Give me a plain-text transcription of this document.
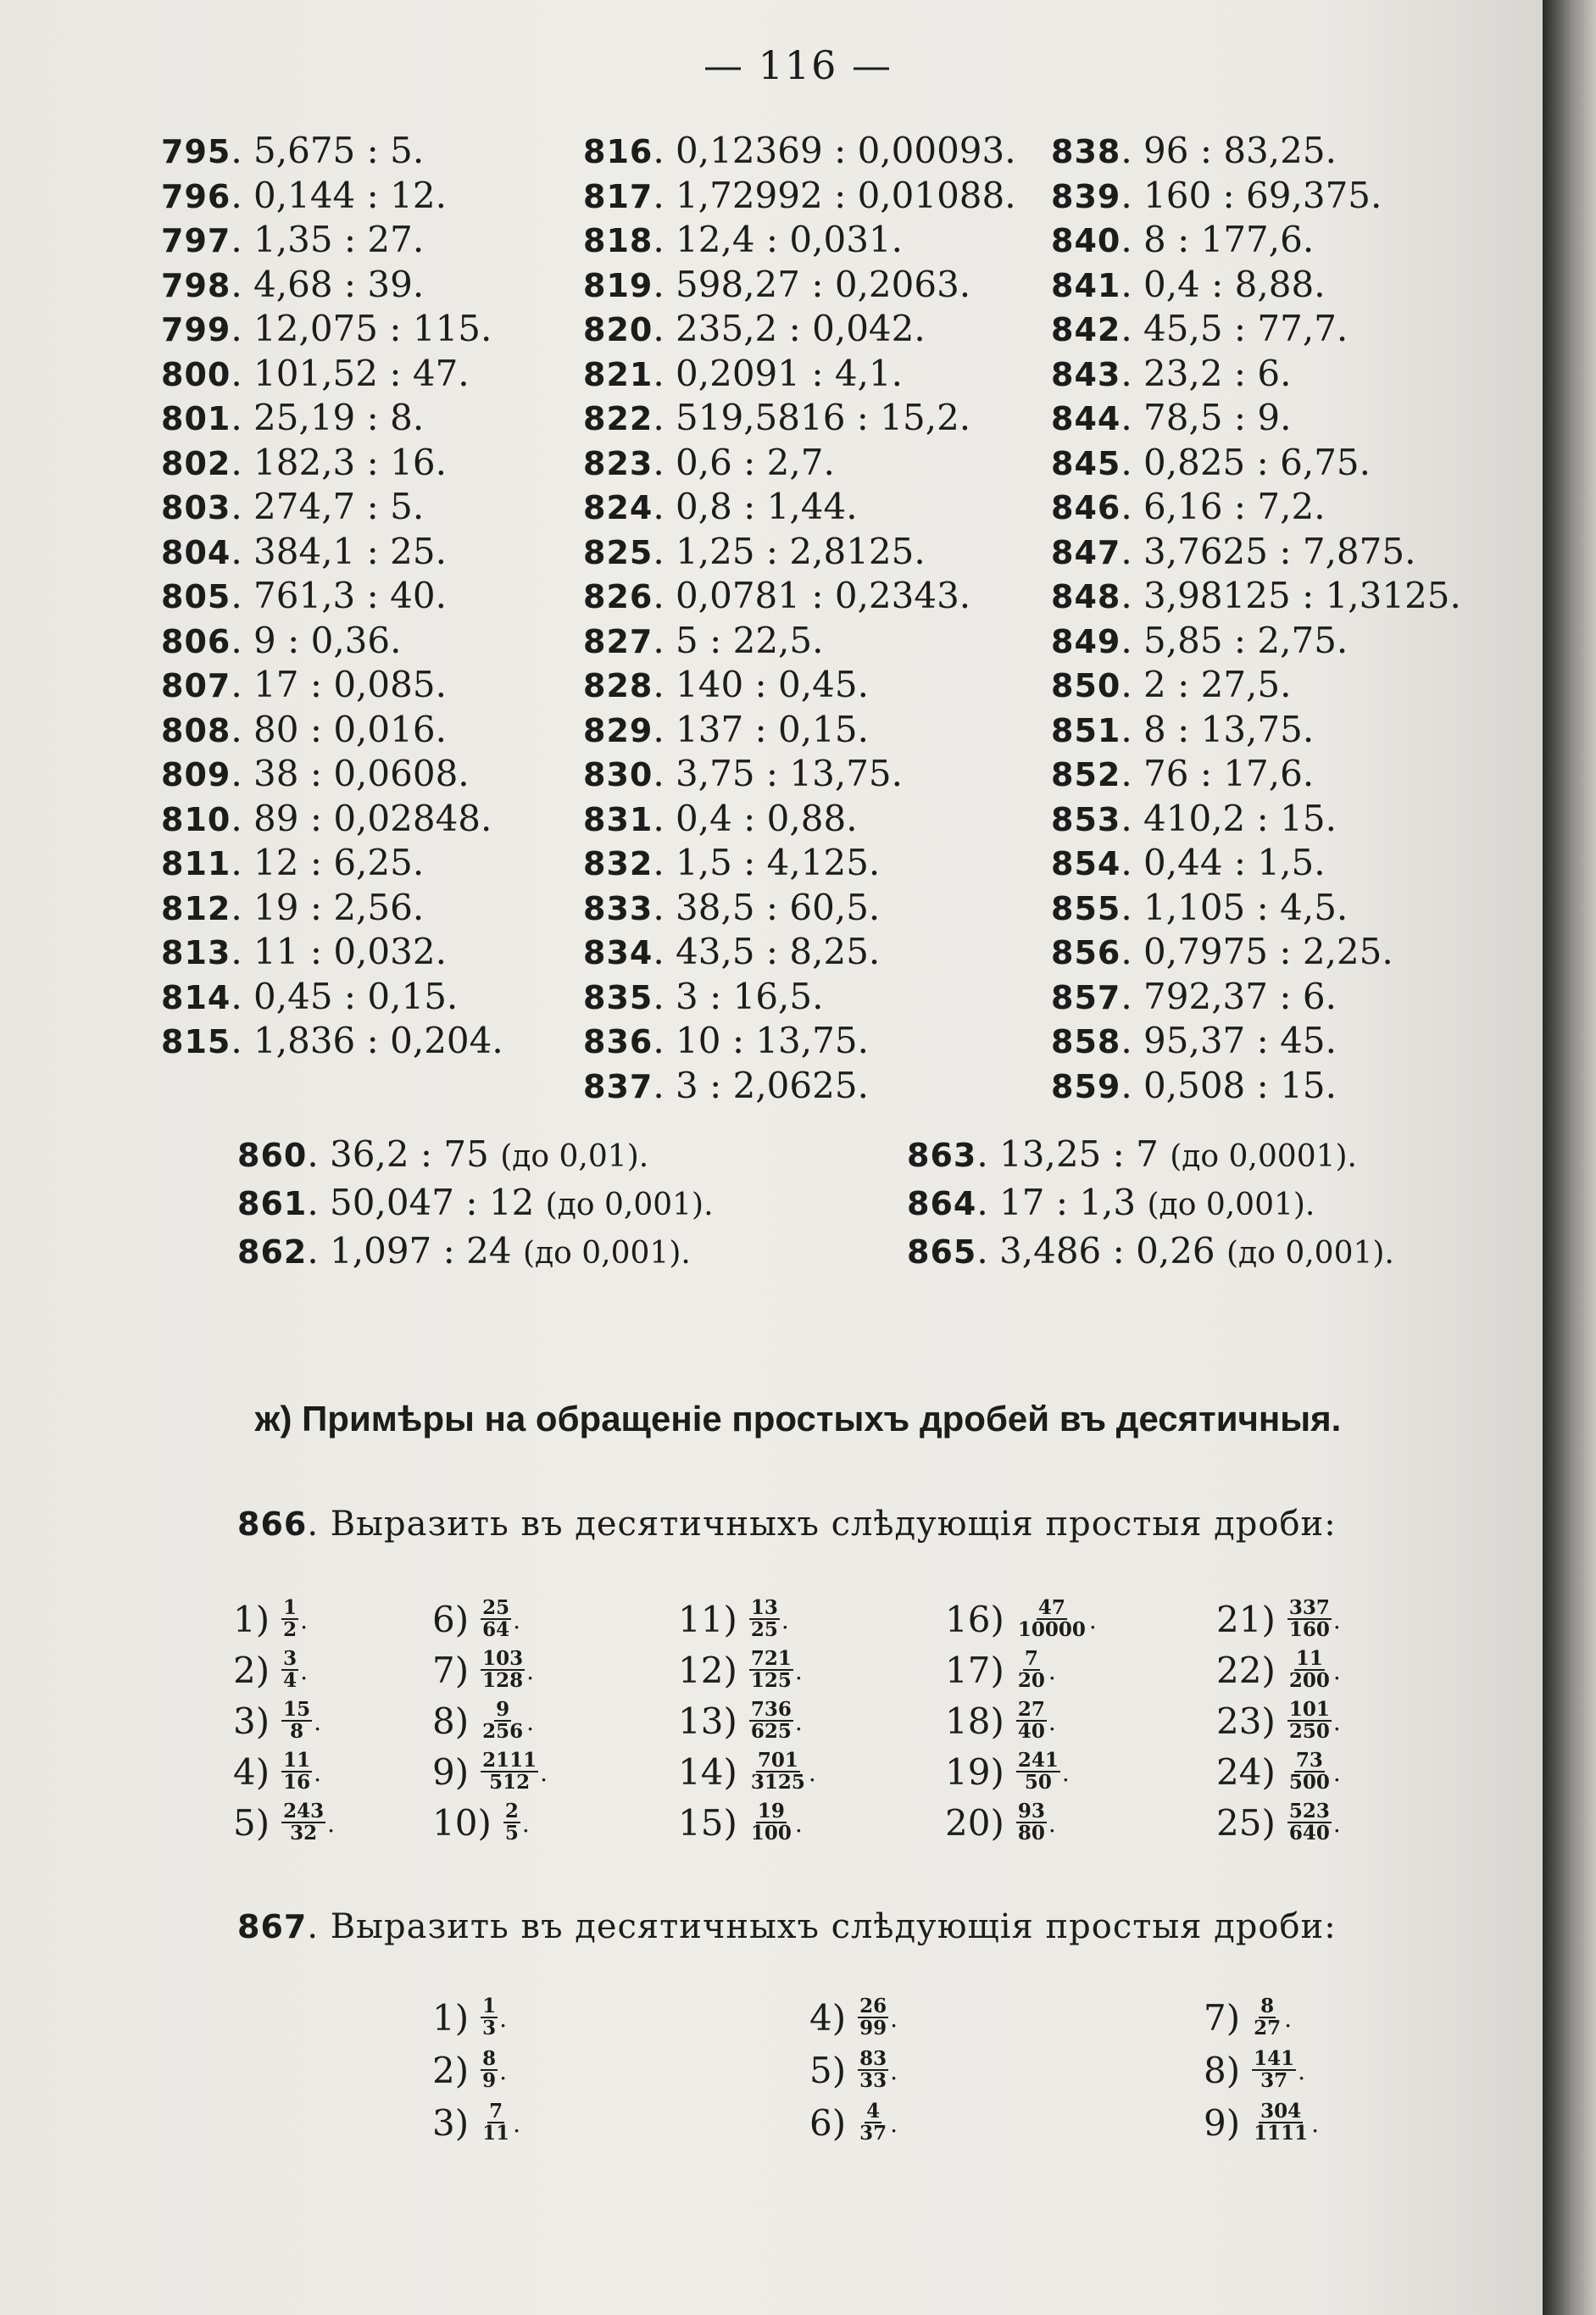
— 116 —
795. 5,675 : 5.
796. 0,144 : 12.
797. 1,35 : 27.
798. 4,68 : 39.
799. 12,075 : 115.
800. 101,52 : 47.
801. 25,19 : 8.
802. 182,3 : 16.
803. 274,7 : 5.
804. 384,1 : 25.
805. 761,3 : 40.
806. 9 : 0,36.
807. 17 : 0,085.
808. 80 : 0,016.
809. 38 : 0,0608.
810. 89 : 0,02848.
811. 12 : 6,25.
812. 19 : 2,56.
813. 11 : 0,032.
814. 0,45 : 0,15.
815. 1,836 : 0,204.
816. 0,12369 : 0,00093.
817. 1,72992 : 0,01088.
818. 12,4 : 0,031.
819. 598,27 : 0,2063.
820. 235,2 : 0,042.
821. 0,2091 : 4,1.
822. 519,5816 : 15,2.
823. 0,6 : 2,7.
824. 0,8 : 1,44.
825. 1,25 : 2,8125.
826. 0,0781 : 0,2343.
827. 5 : 22,5.
828. 140 : 0,45.
829. 137 : 0,15.
830. 3,75 : 13,75.
831. 0,4 : 0,88.
832. 1,5 : 4,125.
833. 38,5 : 60,5.
834. 43,5 : 8,25.
835. 3 : 16,5.
836. 10 : 13,75.
837. 3 : 2,0625.
838. 96 : 83,25.
839. 160 : 69,375.
840. 8 : 177,6.
841. 0,4 : 8,88.
842. 45,5 : 77,7.
843. 23,2 : 6.
844. 78,5 : 9.
845. 0,825 : 6,75.
846. 6,16 : 7,2.
847. 3,7625 : 7,875.
848. 3,98125 : 1,3125.
849. 5,85 : 2,75.
850. 2 : 27,5.
851. 8 : 13,75.
852. 76 : 17,6.
853. 410,2 : 15.
854. 0,44 : 1,5.
855. 1,105 : 4,5.
856. 0,7975 : 2,25.
857. 792,37 : 6.
858. 95,37 : 45.
859. 0,508 : 15.
860. 36,2 : 75 (до 0,01).
861. 50,047 : 12 (до 0,001).
862. 1,097 : 24 (до 0,001).
863. 13,25 : 7 (до 0,0001).
864. 17 : 1,3 (до 0,001).
865. 3,486 : 0,26 (до 0,001).
ж) Примѣры на обращеніе простыхъ дробей въ десятичныя.
866. Выразить въ десятичныхъ слѣдующія простыя дроби:
$1) \frac{1}{2}$ .
$2) \frac{3}{4}$ .
$3) \frac{15}{8}$ .
$4) \frac{11}{16}$ .
$5) \frac{243}{32}$ .
$6) \frac{25}{64}$ .
$7) \frac{103}{128}$ .
$8) \frac{9}{256}$ .
$9) \frac{2111}{512}$ .
$10) \frac{2}{5}$ .
$11) \frac{13}{25}$ .
$12) \frac{721}{125}$ .
$13) \frac{736}{625}$ .
$14) \frac{701}{3125}$ .
$15) \frac{19}{100}$ .
$16) \frac{47}{10000}$ .
$17) \frac{7}{20}$ .
$18) \frac{27}{40}$ .
$19) \frac{241}{50}$ .
$20) \frac{93}{80}$ .
$21) \frac{337}{160}$ .
$22) \frac{11}{200}$ .
$23) \frac{101}{250}$ .
$24) \frac{73}{500}$ .
$25) \frac{523}{640}$ .
867. Выразить въ десятичныхъ слѣдующія простыя дроби:
$1) \frac{1}{3}$ .
$2) \frac{8}{9}$ .
$3) \frac{7}{11}$ .
$4) \frac{26}{99}$ .
$5) \frac{83}{33}$ .
$6) \frac{4}{37}$ .
$7) \frac{8}{27}$ .
$8) \frac{141}{37}$ .
$9) \frac{304}{1111}$ .
